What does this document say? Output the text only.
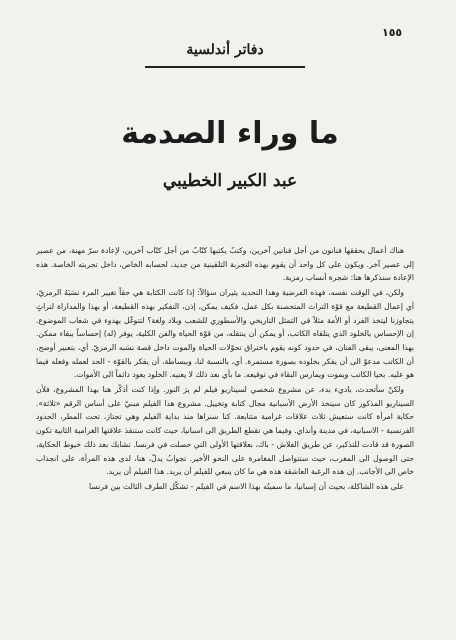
١٥٥
دفاتر أندلسية
ما وراء الصدمة
عبد الكبير الخطيبي

هناك أعمال يحققها فنانون من أجل فنانين آخرين، وكتبٌ يكتبها كتّابٌ من أجل كتّاب آخرين، لإعادة سرّ مهنة، من عصير إلى عصير آخر. ويكون على كل واحد أن يقوم بهذه التجربة التلقينية من جديد، لحسابه الخاص، داخل تجربته الخاصة. هذه الإعادة سنذكرها هنا: شجرة أنساب رمزية.

ولكن، في الوقت نفسه، فهذه الفرضية وهذا التحديد يثيران سؤالاً: إذا كانت الكتابة هي حقاً تغيير المرء نسَبَهُ الرمزيّ، أي إعمال القطيعة مع قوّة التراث المتحصنة بكل عمل، فكيف يمكن، إذن، التفكير بهذه القطيعة، أو بهذا والمداراة لتراثٍ يتجاوزنا ليتخذ الفرد أو الأمة مثلاً في التمثل التاريخي والأسطوري للشعب وبلاد ولغة؟ لتتوغّل بهدوء في شعاب الموضوع. إن الإحساس بالخلود الذي يتلقاه الكاتب، أو يمكن أن ينتقله، من قوّة الحياة والفن الكلية، يوفر (له) إحساساً ببقاء ممكن. بهذا المعنى، يبقى الفنان، في حدود كونه يقوم باختراق تحوّلات الحياة والموت داخل قصة نسَبه الرمزيّ. أي، بتعبير أوضح، أن الكاتب مدعوّ الى أن يفكر بخلوده بصورة مستمرة. أي، بالنسبة لنا، وببساطة، أن يفكر بالقوّة - الحد لعمله وفعله فيما هو عليه. بحيا الكاتب ويموت ويمارس البقاء في توقيعه. ما بأي بعد ذلك لا يعنيه. الخلود يعود دائماً الى الأموات.

ولكنْ سأتحدث، باديء بدء، عن مشروع شخصي لسيناريو فيلم لم يرَ النور. وإذا كنت أذكّر هنا بهذا المشروع، فلأن السيناريو المذكور كان سيتخذ الأرض الأسبانية مجال كتابة وتخييل. مشروع هذا الفيلم مبنيّ على أساس الرقم «ثلاثة». حكاية امرأة كانت ستعيش ثلاث علاقات غرامية متتابعة. كنا سنراها منذ بداية الفيلم وهي تجتاز، تحت المطر، الحدود الفرنسية - الاسبانية، في مدينة وأنداي. وفيما هي تقطع الطريق الى اسبانيا، حيث كانت ستنقذ علاقتها الغرامية الثانية تكون الصورة قد قادت للتذكير، عن طريق الفلاش - باك، بعلاقتها الأولى التي حصلت في فرنسا. تشابك بعد ذلك خيوط الحكاية، حتى الوصول الى المغرب، حيث ستتواصل المغامرة على النحو الأخير. تجوابُ يدلّ، هنا، لدى هذه المرأة، على انجذاب خاص الى الأجانب. إن هذه الرغبة العاشقة هذه هي ما كان ينبغي للفيلم أن يريد. هذا الفيلم أن يريد.

على هذه الشاكلة، بحيث أن إسبانيا، ما سميتُه بهذا الاسم في الفيلم - تشكّل الطرف الثالث بين فرنسا
